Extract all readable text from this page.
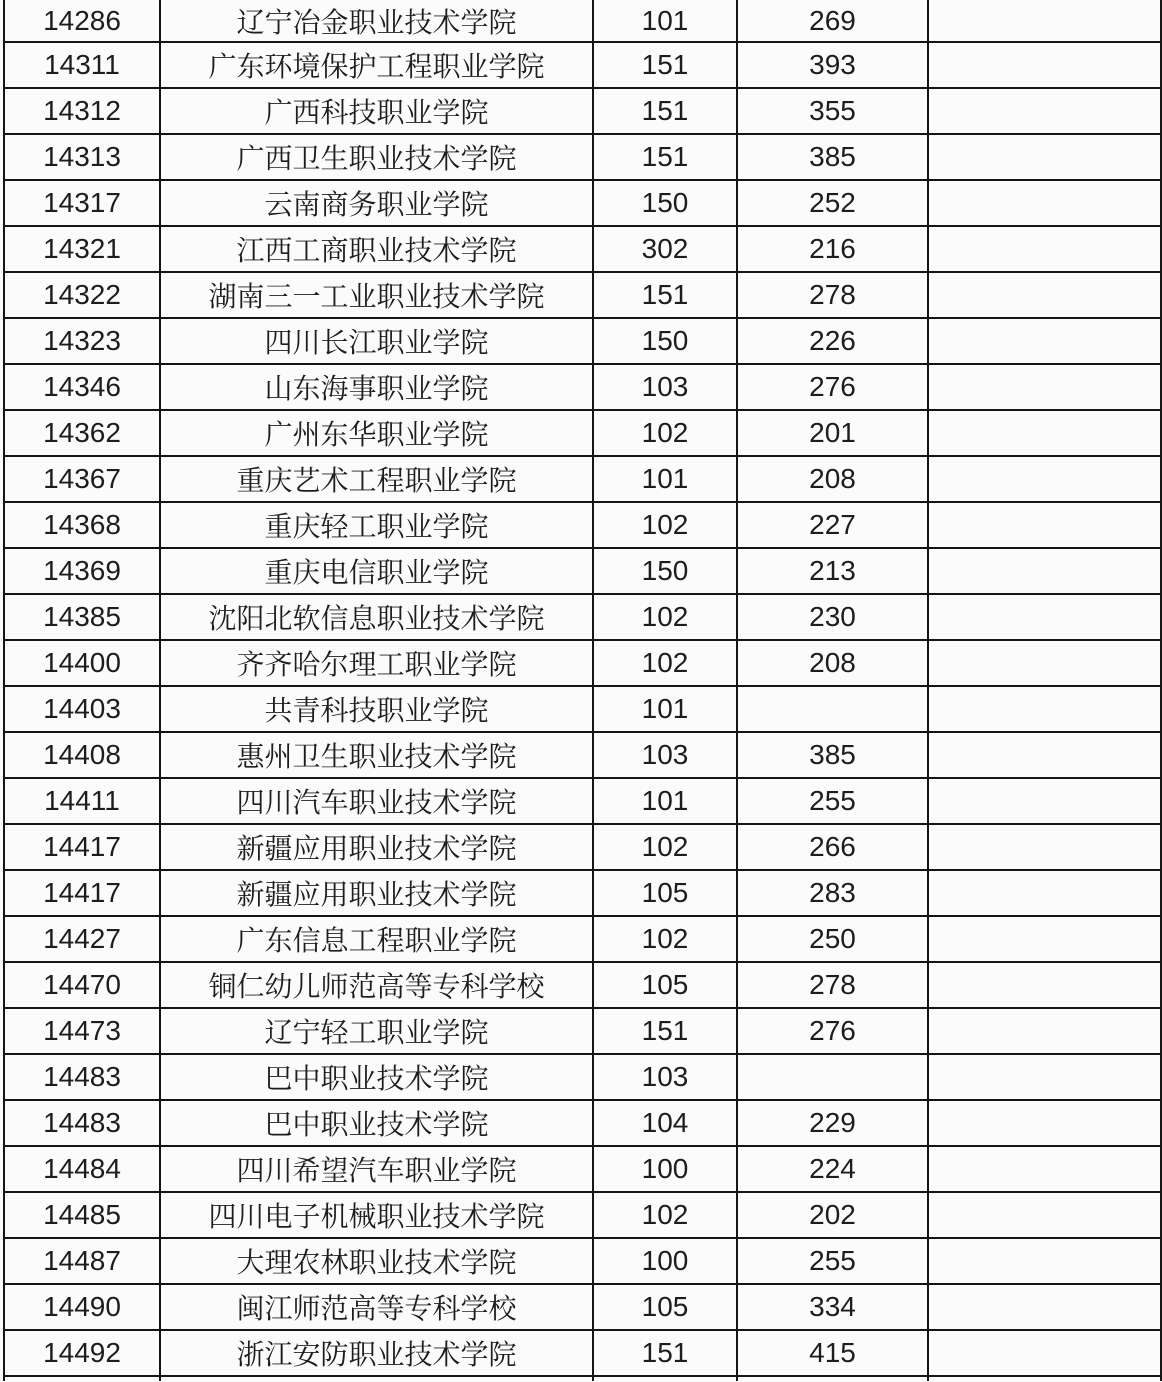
14286	辽宁冶金职业技术学院	101	269	
14311	广东环境保护工程职业学院	151	393	
14312	广西科技职业学院	151	355	
14313	广西卫生职业技术学院	151	385	
14317	云南商务职业学院	150	252	
14321	江西工商职业技术学院	302	216	
14322	湖南三一工业职业技术学院	151	278	
14323	四川长江职业学院	150	226	
14346	山东海事职业学院	103	276	
14362	广州东华职业学院	102	201	
14367	重庆艺术工程职业学院	101	208	
14368	重庆轻工职业学院	102	227	
14369	重庆电信职业学院	150	213	
14385	沈阳北软信息职业技术学院	102	230	
14400	齐齐哈尔理工职业学院	102	208	
14403	共青科技职业学院	101		
14408	惠州卫生职业技术学院	103	385	
14411	四川汽车职业技术学院	101	255	
14417	新疆应用职业技术学院	102	266	
14417	新疆应用职业技术学院	105	283	
14427	广东信息工程职业学院	102	250	
14470	铜仁幼儿师范高等专科学校	105	278	
14473	辽宁轻工职业学院	151	276	
14483	巴中职业技术学院	103		
14483	巴中职业技术学院	104	229	
14484	四川希望汽车职业学院	100	224	
14485	四川电子机械职业技术学院	102	202	
14487	大理农林职业技术学院	100	255	
14490	闽江师范高等专科学校	105	334	
14492	浙江安防职业技术学院	151	415	
